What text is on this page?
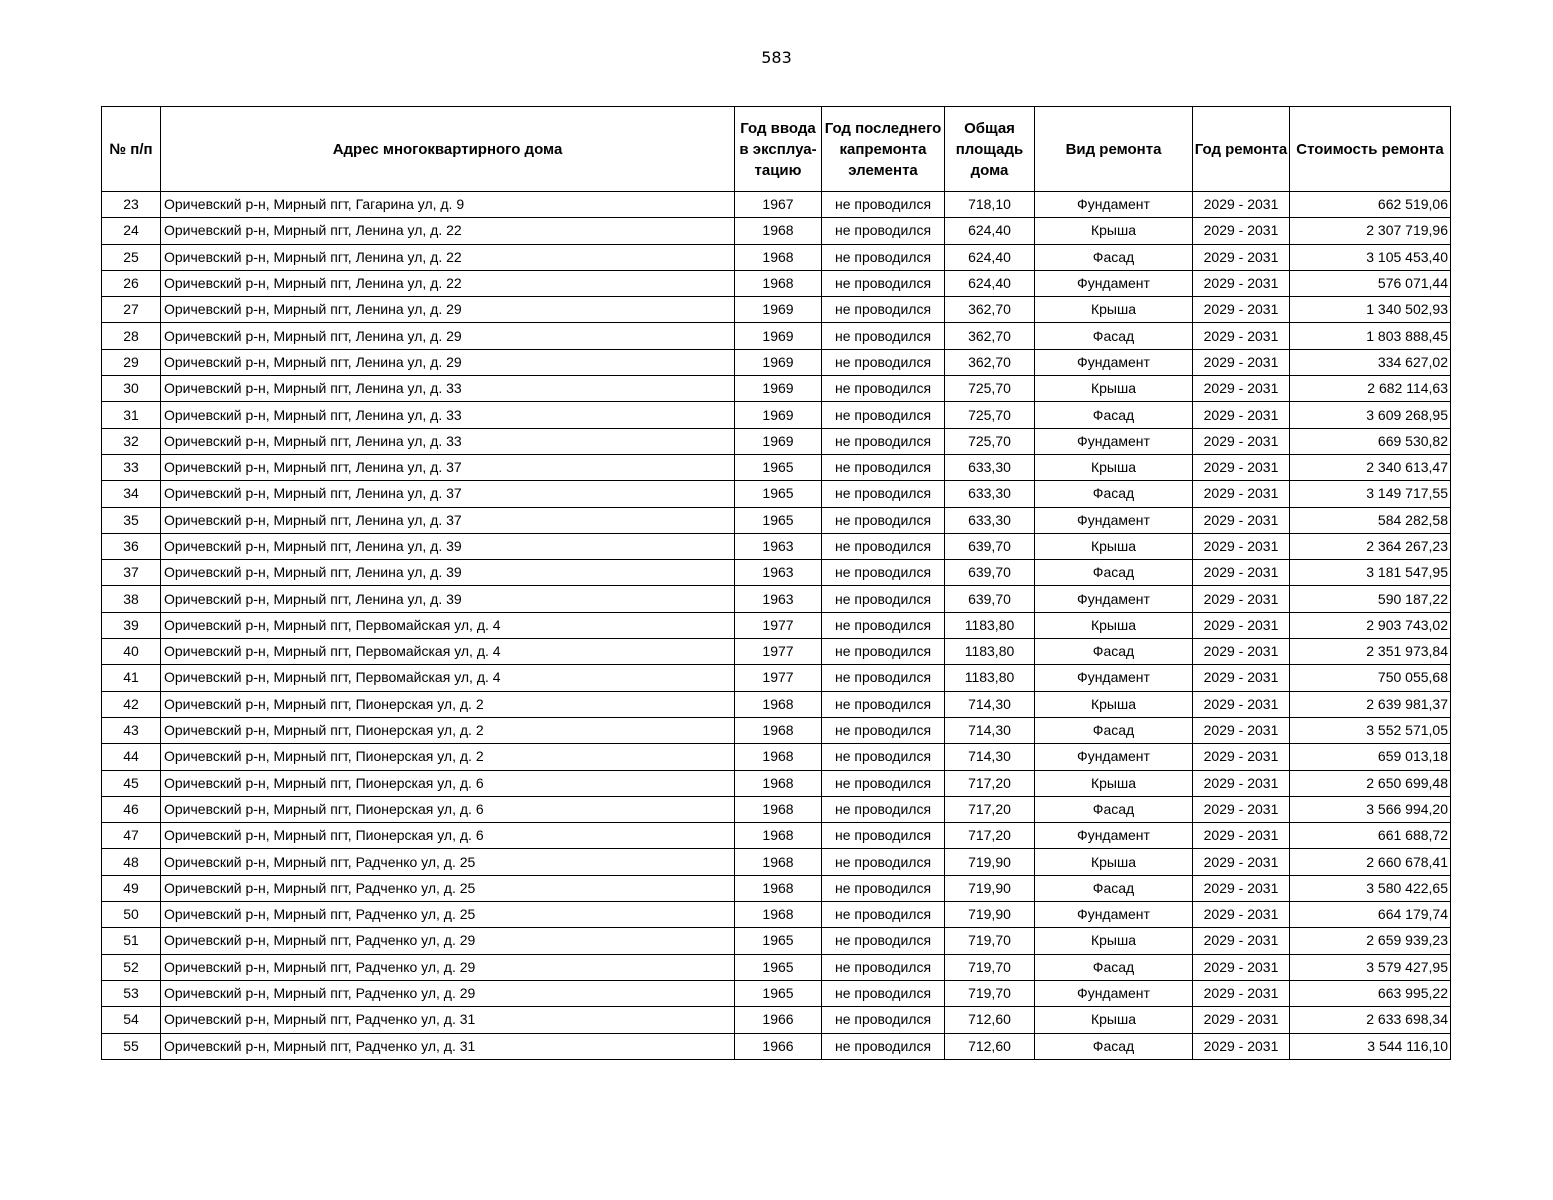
583
№ п/п	Адрес многоквартирного дома	Год ввода в эксплуа-тацию	Год последнего капремонта элемента	Общая площадь дома	Вид ремонта	Год ремонта	Стоимость ремонта
23	Оричевский р-н, Мирный пгт, Гагарина ул, д. 9	1967	не проводился	718,10	Фундамент	2029 - 2031	662 519,06
24	Оричевский р-н, Мирный пгт, Ленина ул, д. 22	1968	не проводился	624,40	Крыша	2029 - 2031	2 307 719,96
25	Оричевский р-н, Мирный пгт, Ленина ул, д. 22	1968	не проводился	624,40	Фасад	2029 - 2031	3 105 453,40
26	Оричевский р-н, Мирный пгт, Ленина ул, д. 22	1968	не проводился	624,40	Фундамент	2029 - 2031	576 071,44
27	Оричевский р-н, Мирный пгт, Ленина ул, д. 29	1969	не проводился	362,70	Крыша	2029 - 2031	1 340 502,93
28	Оричевский р-н, Мирный пгт, Ленина ул, д. 29	1969	не проводился	362,70	Фасад	2029 - 2031	1 803 888,45
29	Оричевский р-н, Мирный пгт, Ленина ул, д. 29	1969	не проводился	362,70	Фундамент	2029 - 2031	334 627,02
30	Оричевский р-н, Мирный пгт, Ленина ул, д. 33	1969	не проводился	725,70	Крыша	2029 - 2031	2 682 114,63
31	Оричевский р-н, Мирный пгт, Ленина ул, д. 33	1969	не проводился	725,70	Фасад	2029 - 2031	3 609 268,95
32	Оричевский р-н, Мирный пгт, Ленина ул, д. 33	1969	не проводился	725,70	Фундамент	2029 - 2031	669 530,82
33	Оричевский р-н, Мирный пгт, Ленина ул, д. 37	1965	не проводился	633,30	Крыша	2029 - 2031	2 340 613,47
34	Оричевский р-н, Мирный пгт, Ленина ул, д. 37	1965	не проводился	633,30	Фасад	2029 - 2031	3 149 717,55
35	Оричевский р-н, Мирный пгт, Ленина ул, д. 37	1965	не проводился	633,30	Фундамент	2029 - 2031	584 282,58
36	Оричевский р-н, Мирный пгт, Ленина ул, д. 39	1963	не проводился	639,70	Крыша	2029 - 2031	2 364 267,23
37	Оричевский р-н, Мирный пгт, Ленина ул, д. 39	1963	не проводился	639,70	Фасад	2029 - 2031	3 181 547,95
38	Оричевский р-н, Мирный пгт, Ленина ул, д. 39	1963	не проводился	639,70	Фундамент	2029 - 2031	590 187,22
39	Оричевский р-н, Мирный пгт, Первомайская ул, д. 4	1977	не проводился	1183,80	Крыша	2029 - 2031	2 903 743,02
40	Оричевский р-н, Мирный пгт, Первомайская ул, д. 4	1977	не проводился	1183,80	Фасад	2029 - 2031	2 351 973,84
41	Оричевский р-н, Мирный пгт, Первомайская ул, д. 4	1977	не проводился	1183,80	Фундамент	2029 - 2031	750 055,68
42	Оричевский р-н, Мирный пгт, Пионерская ул, д. 2	1968	не проводился	714,30	Крыша	2029 - 2031	2 639 981,37
43	Оричевский р-н, Мирный пгт, Пионерская ул, д. 2	1968	не проводился	714,30	Фасад	2029 - 2031	3 552 571,05
44	Оричевский р-н, Мирный пгт, Пионерская ул, д. 2	1968	не проводился	714,30	Фундамент	2029 - 2031	659 013,18
45	Оричевский р-н, Мирный пгт, Пионерская ул, д. 6	1968	не проводился	717,20	Крыша	2029 - 2031	2 650 699,48
46	Оричевский р-н, Мирный пгт, Пионерская ул, д. 6	1968	не проводился	717,20	Фасад	2029 - 2031	3 566 994,20
47	Оричевский р-н, Мирный пгт, Пионерская ул, д. 6	1968	не проводился	717,20	Фундамент	2029 - 2031	661 688,72
48	Оричевский р-н, Мирный пгт, Радченко ул, д. 25	1968	не проводился	719,90	Крыша	2029 - 2031	2 660 678,41
49	Оричевский р-н, Мирный пгт, Радченко ул, д. 25	1968	не проводился	719,90	Фасад	2029 - 2031	3 580 422,65
50	Оричевский р-н, Мирный пгт, Радченко ул, д. 25	1968	не проводился	719,90	Фундамент	2029 - 2031	664 179,74
51	Оричевский р-н, Мирный пгт, Радченко ул, д. 29	1965	не проводился	719,70	Крыша	2029 - 2031	2 659 939,23
52	Оричевский р-н, Мирный пгт, Радченко ул, д. 29	1965	не проводился	719,70	Фасад	2029 - 2031	3 579 427,95
53	Оричевский р-н, Мирный пгт, Радченко ул, д. 29	1965	не проводился	719,70	Фундамент	2029 - 2031	663 995,22
54	Оричевский р-н, Мирный пгт, Радченко ул, д. 31	1966	не проводился	712,60	Крыша	2029 - 2031	2 633 698,34
55	Оричевский р-н, Мирный пгт, Радченко ул, д. 31	1966	не проводился	712,60	Фасад	2029 - 2031	3 544 116,10
